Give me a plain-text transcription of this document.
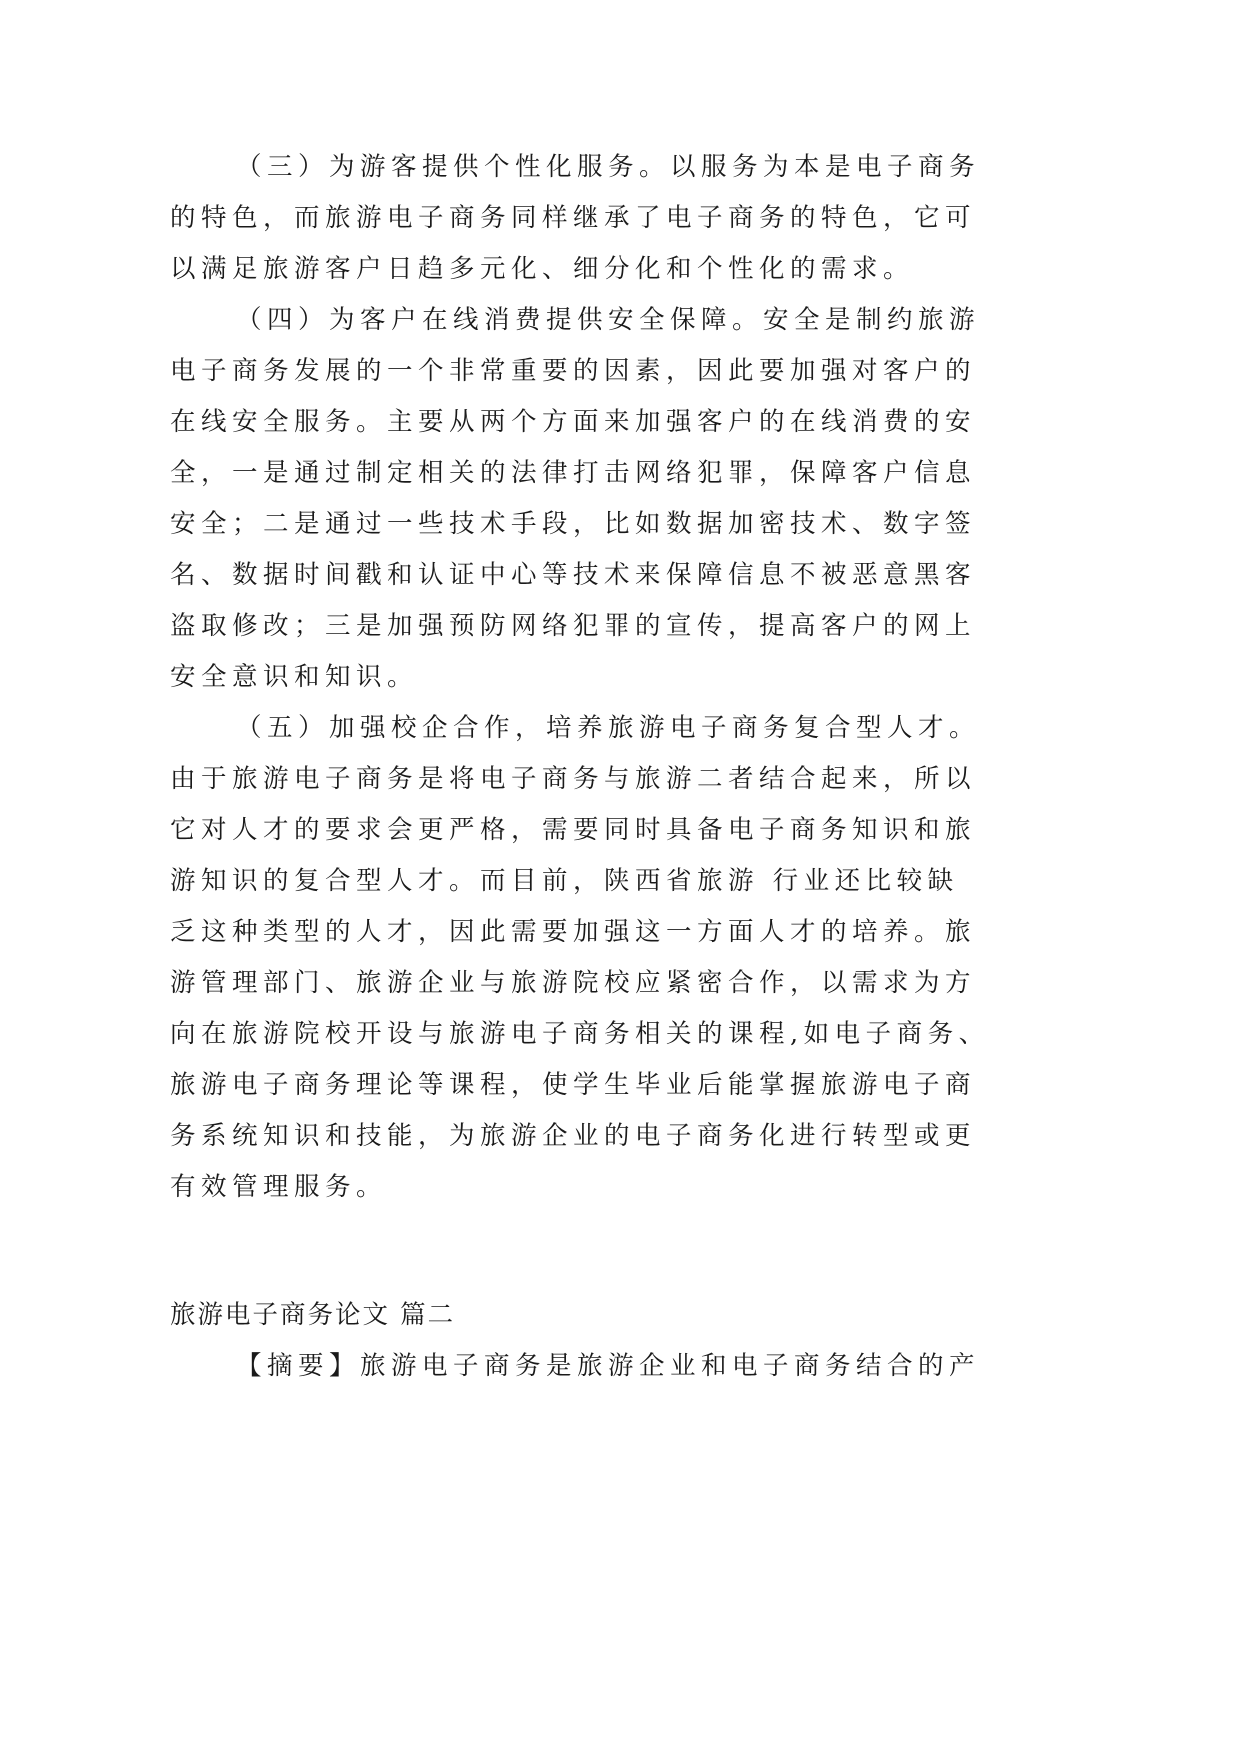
（三）为游客提供个性化服务。以服务为本是电子商务
的特色，而旅游电子商务同样继承了电子商务的特色，它可
以满足旅游客户日趋多元化、细分化和个性化的需求。
（四）为客户在线消费提供安全保障。安全是制约旅游
电子商务发展的一个非常重要的因素，因此要加强对客户的
在线安全服务。主要从两个方面来加强客户的在线消费的安
全，一是通过制定相关的法律打击网络犯罪，保障客户信息
安全；二是通过一些技术手段，比如数据加密技术、数字签
名、数据时间戳和认证中心等技术来保障信息不被恶意黑客
盗取修改；三是加强预防网络犯罪的宣传，提高客户的网上
安全意识和知识。
（五）加强校企合作，培养旅游电子商务复合型人才。
由于旅游电子商务是将电子商务与旅游二者结合起来，所以
它对人才的要求会更严格，需要同时具备电子商务知识和旅
游知识的复合型人才。而目前，陕西省旅游 行业还比较缺
乏这种类型的人才，因此需要加强这一方面人才的培养。旅
游管理部门、旅游企业与旅游院校应紧密合作，以需求为方
向在旅游院校开设与旅游电子商务相关的课程,如电子商务、
旅游电子商务理论等课程，使学生毕业后能掌握旅游电子商
务系统知识和技能，为旅游企业的电子商务化进行转型或更
有效管理服务。
旅游电子商务论文 篇二
【摘要】旅游电子商务是旅游企业和电子商务结合的产
